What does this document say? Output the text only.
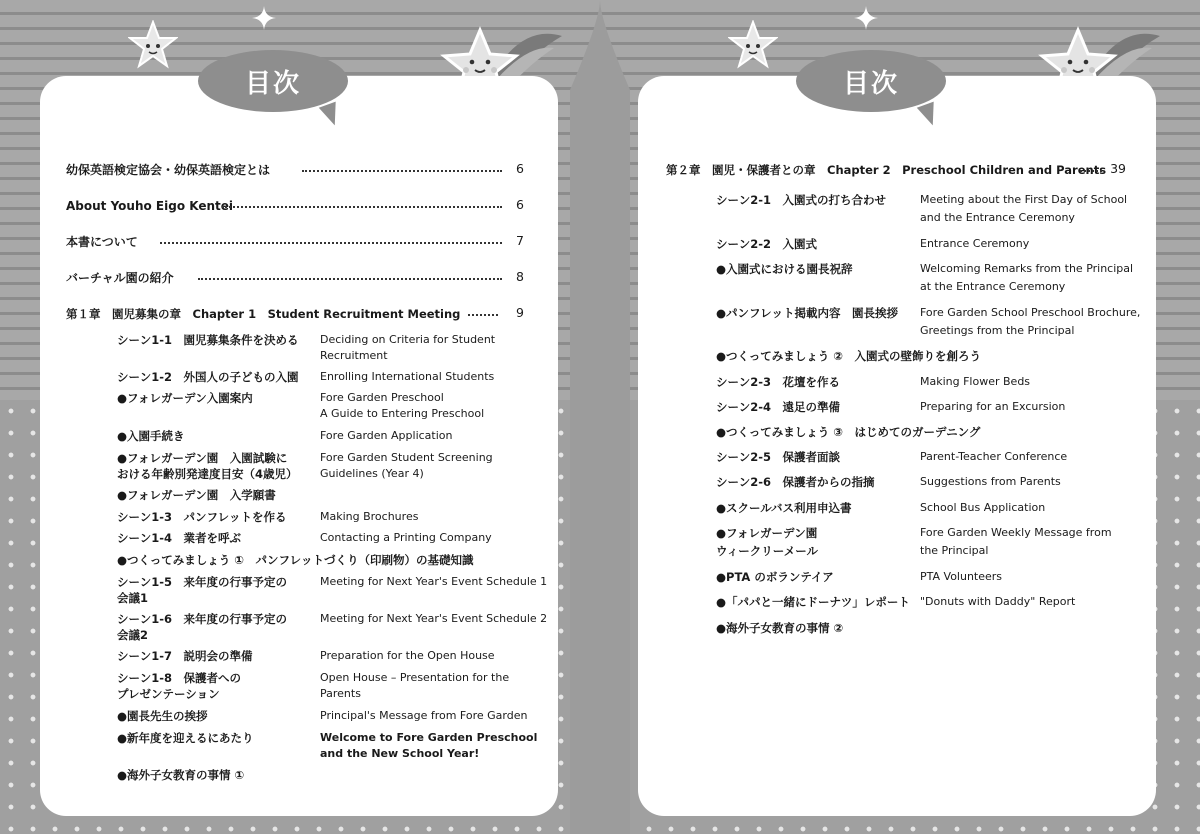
目次
幼保英語検定協会・幼保英語検定とは	6
About Youho Eigo Kentei	6
本書について	7
バーチャル園の紹介	8
第１章　園児募集の章　Chapter 1　Student Recruitment Meeting	9
シーン1-1　園児募集条件を決める Deciding on Criteria for Student
Recruitment
シーン1-2　外国人の子どもの入園 Enrolling International Students
●フォレガーデン入園案内	Fore Garden Preschool
A Guide to Entering Preschool
●入園手続き	Fore Garden Application
●フォレガーデン園　入園試験に
おける年齢別発達度目安（4歳児）
Fore Garden Student Screening
Guidelines (Year 4)
●フォレガーデン園　入学願書
シーン1-3　パンフレットを作る	Making Brochures
シーン1-4　業者を呼ぶ	Contacting a Printing Company
●つくってみましょう ①　パンフレットづくり（印刷物）の基礎知識
シーン1-5　来年度の行事予定の
会議1
Meeting for Next Year's Event Schedule 1
シーン1-6　来年度の行事予定の
会議2
Meeting for Next Year's Event Schedule 2
シーン1-7　説明会の準備	Preparation for the Open House
シーン1-8　保護者への
プレゼンテーション
Open House – Presentation for the
Parents
●園長先生の挨拶	Principal's Message from Fore Garden
●新年度を迎えるにあたり	Welcome to Fore Garden Preschool
and the New School Year!
●海外子女教育の事情 ①
目次
第２章　園児・保護者との章　Chapter 2　Preschool Children and Parents 39
シーン2-1　入園式の打ち合わせ	Meeting about the First Day of School
and the Entrance Ceremony
シーン2-2　入園式	Entrance Ceremony
●入園式における園長祝辞	Welcoming Remarks from the Principal
at the Entrance Ceremony
●パンフレット掲載内容　園長挨拶 Fore Garden School Preschool Brochure,
Greetings from the Principal
●つくってみましょう ②　入園式の壁飾りを創ろう
シーン2-3　花壇を作る	Making Flower Beds
シーン2-4　遠足の準備	Preparing for an Excursion
●つくってみましょう ③　はじめてのガーデニング
シーン2-5　保護者面談	Parent-Teacher Conference
シーン2-6　保護者からの指摘	Suggestions from Parents
●スクールバス利用申込書	School Bus Application
●フォレガーデン園
ウィークリーメール
Fore Garden Weekly Message from
the Principal
●PTA のボランテイア	PTA Volunteers
●「パパと一緒にドーナツ」レポート "Donuts with Daddy" Report
●海外子女教育の事情 ②
